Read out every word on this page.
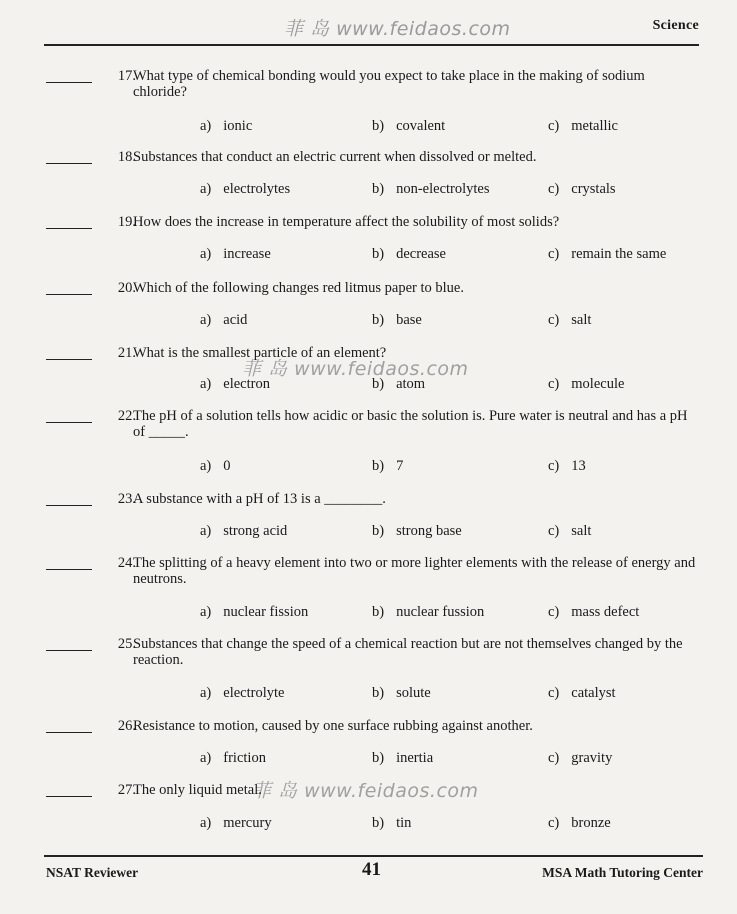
菲 岛 www.feidaos.com	Science
菲 岛 www.feidaos.com
菲 岛 www.feidaos.com
17.
What type of chemical bonding would you expect to take place in the making of sodium chloride?
a) ionic	b) covalent	c) metallic
18.
Substances that conduct an electric current when dissolved or melted.
a) electrolytes	b) non-electrolytes	c) crystals
19.
How does the increase in temperature affect the solubility of most solids?
a) increase	b) decrease	c) remain the same
20.
Which of the following changes red litmus paper to blue.
a) acid	b) base	c) salt
21.
What is the smallest particle of an element?
a) electron	b) atom	c) molecule
22.
The pH of a solution tells how acidic or basic the solution is. Pure water is neutral and has a pH of _____.
a) 0	b) 7	c) 13
23.
A substance with a pH of 13 is a ________.
a) strong acid	b) strong base	c) salt
24.
The splitting of a heavy element into two or more lighter elements with the release of energy and neutrons.
a) nuclear fission	b) nuclear fussion	c) mass defect
25.
Substances that change the speed of a chemical reaction but are not themselves changed by the reaction.
a) electrolyte	b) solute	c) catalyst
26.
Resistance to motion, caused by one surface rubbing against another.
a) friction	b) inertia	c) gravity
27.
The only liquid metal.
a) mercury	b) tin	c) bronze
NSAT Reviewer	41	MSA Math Tutoring Center
